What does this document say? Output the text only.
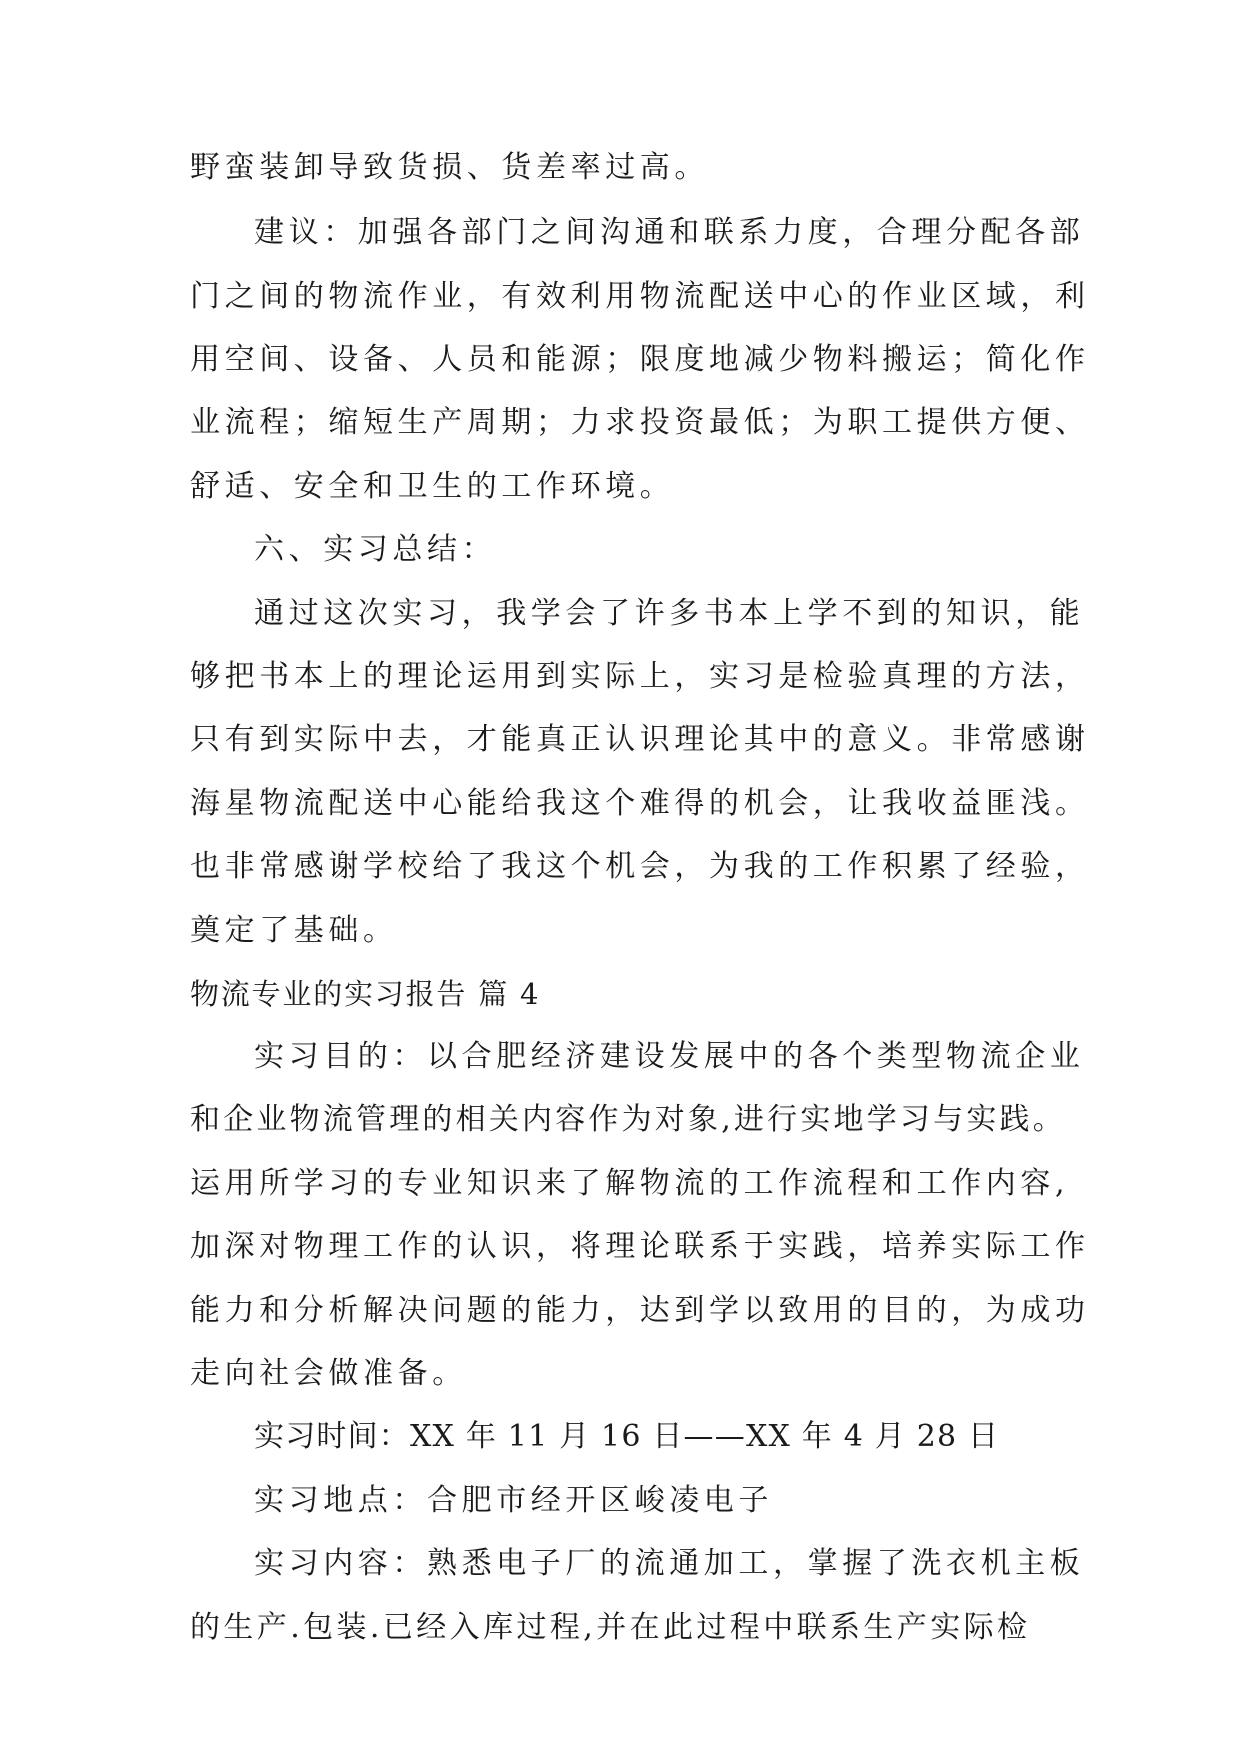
野蛮装卸导致货损、货差率过高。
建议：加强各部门之间沟通和联系力度，合理分配各部
门之间的物流作业，有效利用物流配送中心的作业区域，利
用空间、设备、人员和能源；限度地减少物料搬运；简化作
业流程；缩短生产周期；力求投资最低；为职工提供方便、
舒适、安全和卫生的工作环境。
六、实习总结：
通过这次实习，我学会了许多书本上学不到的知识，能
够把书本上的理论运用到实际上，实习是检验真理的方法，
只有到实际中去，才能真正认识理论其中的意义。非常感谢
海星物流配送中心能给我这个难得的机会，让我收益匪浅。
也非常感谢学校给了我这个机会，为我的工作积累了经验，
奠定了基础。
物流专业的实习报告 篇 4
实习目的：以合肥经济建设发展中的各个类型物流企业
和企业物流管理的相关内容作为对象,进行实地学习与实践。
运用所学习的专业知识来了解物流的工作流程和工作内容,
加深对物理工作的认识，将理论联系于实践，培养实际工作
能力和分析解决问题的能力，达到学以致用的目的，为成功
走向社会做准备。
实习时间：XX 年 11 月 16 日——XX 年 4 月 28 日
实习地点：合肥市经开区峻凌电子
实习内容：熟悉电子厂的流通加工，掌握了洗衣机主板
的生产.包装.已经入库过程,并在此过程中联系生产实际检
